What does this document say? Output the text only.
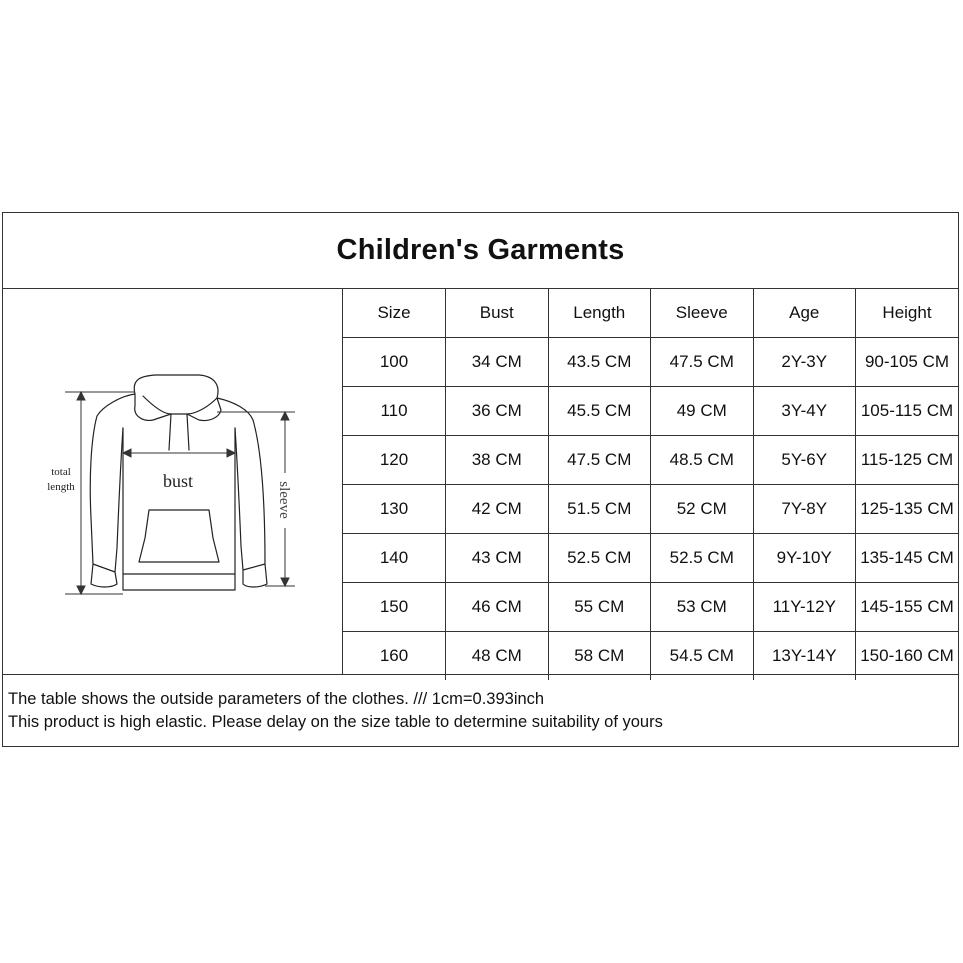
Children's Garments
total
length	bust
sleeve
Size	Bust	Length	Sleeve	Age	Height
100	34 CM	43.5 CM	47.5 CM	2Y-3Y	90-105 CM
110	36 CM	45.5 CM	49 CM	3Y-4Y	105-115 CM
120	38 CM	47.5 CM	48.5 CM	5Y-6Y	115-125 CM
130	42 CM	51.5 CM	52 CM	7Y-8Y	125-135 CM
140	43 CM	52.5 CM	52.5 CM	9Y-10Y	135-145 CM
150	46 CM	55 CM	53 CM	11Y-12Y	145-155 CM
160	48 CM	58 CM	54.5 CM	13Y-14Y	150-160 CM
The table shows the outside parameters of the clothes. /// 1cm=0.393inch
This product is high elastic. Please delay on the size table to determine suitability of yours
